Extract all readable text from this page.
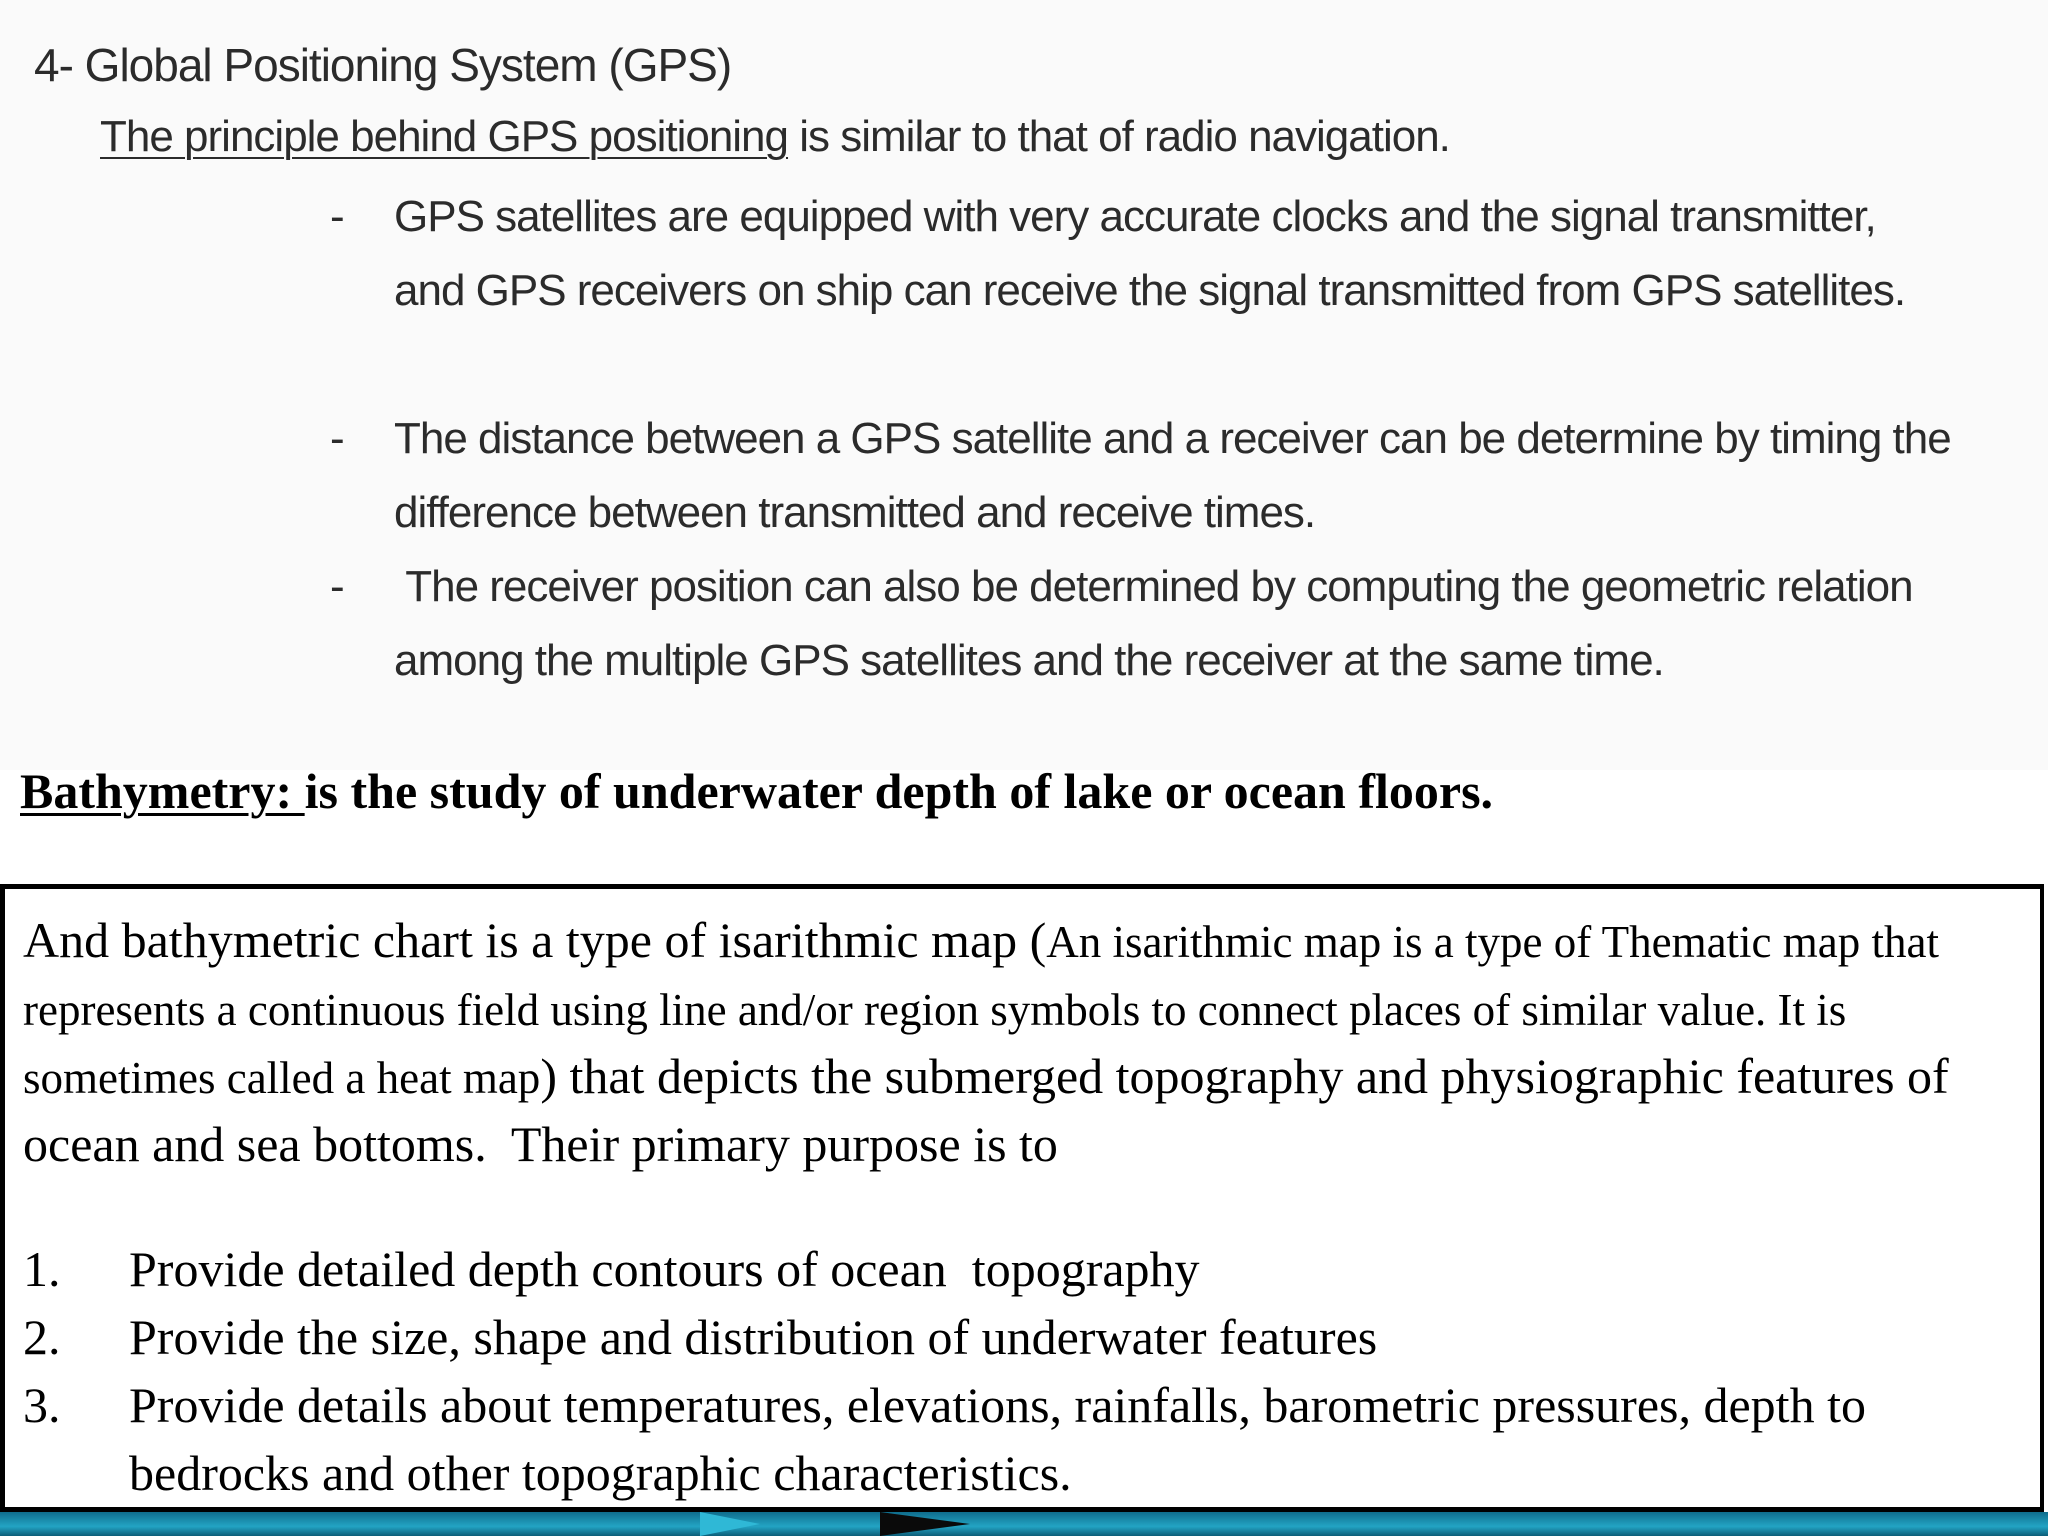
4- Global Positioning System (GPS)
The principle behind GPS positioning is similar to that of radio navigation.
- GPS satellites are equipped with very accurate clocks and the signal transmitter, and GPS receivers on ship can receive the signal transmitted from GPS satellites.
- The distance between a GPS satellite and a receiver can be determine by timing the difference between transmitted and receive times.
- The receiver position can also be determined by computing the geometric relation among the multiple GPS satellites and the receiver at the same time.
Bathymetry: is the study of underwater depth of lake or ocean floors.
And bathymetric chart is a type of isarithmic map (An isarithmic map is a type of Thematic map that represents a continuous field using line and/or region symbols to connect places of similar value. It is sometimes called a heat map) that depicts the submerged topography and physiographic features of ocean and sea bottoms.  Their primary purpose is to
1. Provide detailed depth contours of ocean  topography
2. Provide the size, shape and distribution of underwater features
3. Provide details about temperatures, elevations, rainfalls, barometric pressures, depth to bedrocks and other topographic characteristics.
